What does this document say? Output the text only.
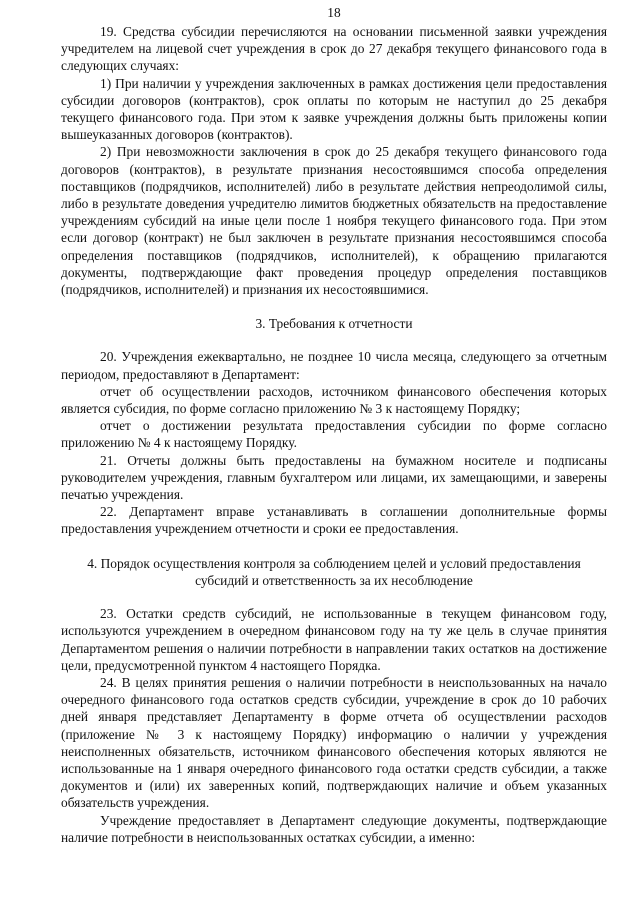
18

19. Средства субсидии перечисляются на основании письменной заявки учреждения учредителем на лицевой счет учреждения в срок до 27 декабря текущего финансового года в следующих случаях:

1) При наличии у учреждения заключенных в рамках достижения цели предоставления субсидии договоров (контрактов), срок оплаты по которым не наступил до 25 декабря текущего финансового года. При этом к заявке учреждения должны быть приложены копии вышеуказанных договоров (контрактов).

2) При невозможности заключения в срок до 25 декабря текущего финансового года договоров (контрактов), в результате признания несостоявшимся способа определения поставщиков (подрядчиков, исполнителей) либо в результате действия непреодолимой силы, либо в результате доведения учредителю лимитов бюджетных обязательств на предоставление учреждениям субсидий на иные цели после 1 ноября текущего финансового года. При этом если договор (контракт) не был заключен в результате признания несостоявшимся способа определения поставщиков (подрядчиков, исполнителей), к обращению прилагаются документы, подтверждающие факт проведения процедур определения поставщиков (подрядчиков, исполнителей) и признания их несостоявшимися.

3. Требования к отчетности

20. Учреждения ежеквартально, не позднее 10 числа месяца, следующего за отчетным периодом, предоставляют в Департамент:

отчет об осуществлении расходов, источником финансового обеспечения которых является субсидия, по форме согласно приложению № 3 к настоящему Порядку;

отчет о достижении результата предоставления субсидии по форме согласно приложению № 4 к настоящему Порядку.

21. Отчеты должны быть предоставлены на бумажном носителе и подписаны руководителем учреждения, главным бухгалтером или лицами, их замещающими, и заверены печатью учреждения.

22. Департамент вправе устанавливать в соглашении дополнительные формы предоставления учреждением отчетности и сроки ее предоставления.

4. Порядок осуществления контроля за соблюдением целей и условий предоставления

субсидий и ответственность за их несоблюдение

23. Остатки средств субсидий, не использованные в текущем финансовом году, используются учреждением в очередном финансовом году на ту же цель в случае принятия Департаментом решения о наличии потребности в направлении таких остатков на достижение цели, предусмотренной пунктом 4 настоящего Порядка.

24. В целях принятия решения о наличии потребности в неиспользованных на начало очередного финансового года остатков средств субсидии, учреждение в срок до 10 рабочих дней января представляет Департаменту в форме отчета об осуществлении расходов (приложение № 3 к настоящему Порядку) информацию о наличии у учреждения неисполненных обязательств, источником финансового обеспечения которых являются не использованные на 1 января очередного финансового года остатки средств субсидии, а также документов и (или) их заверенных копий, подтверждающих наличие и объем указанных обязательств учреждения.

Учреждение предоставляет в Департамент следующие документы, подтверждающие наличие потребности в неиспользованных остатках субсидии, а именно:
